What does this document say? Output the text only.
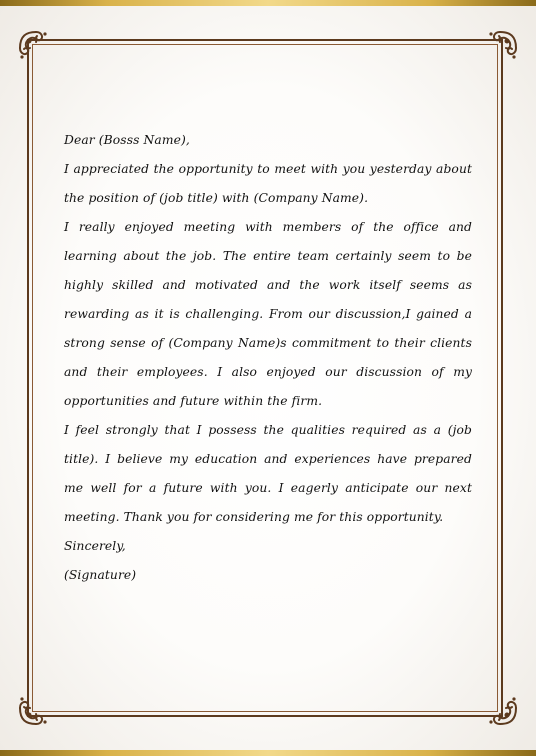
Dear (Bosss Name),

I appreciated the opportunity to meet with you yesterday about the position of (job title) with (Company Name).

I really enjoyed meeting with members of the office and learning about the job. The entire team certainly seem to be highly skilled and motivated and the work itself seems as rewarding as it is challenging. From our discussion,I gained a strong sense of (Company Name)s commitment to their clients and their employees. I also enjoyed our discussion of my opportunities and future within the firm.

I feel strongly that I possess the qualities required as a (job title). I believe my education and experiences have prepared me well for a future with you. I eagerly anticipate our next meeting. Thank you for considering me for this opportunity.

Sincerely,

(Signature)
